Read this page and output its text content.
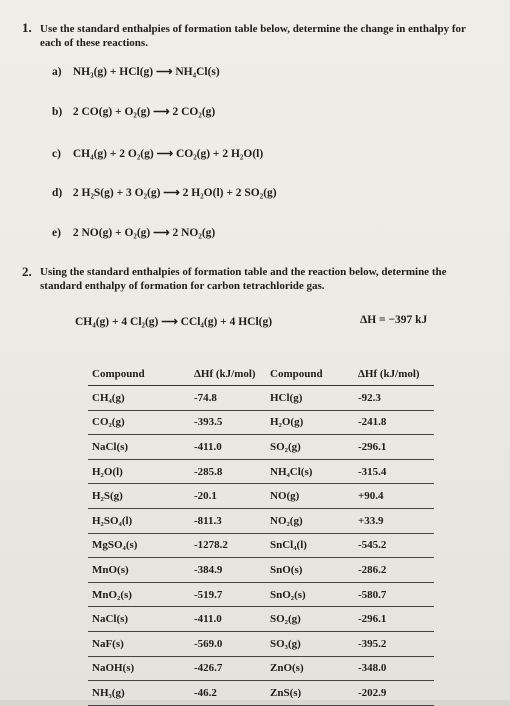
1. Use the standard enthalpies of formation table below, determine the change in enthalpy for
each of these reactions.
a) NH₃(g) + HCl(g) ⟶ NH₄Cl(s)
b) 2 CO(g) + O₂(g) ⟶ 2 CO₂(g)
c) CH₄(g) + 2 O₂(g) ⟶ CO₂(g) + 2 H₂O(l)
d) 2 H₂S(g) + 3 O₂(g) ⟶ 2 H₂O(l) + 2 SO₂(g)
e) 2 NO(g) + O₂(g) ⟶ 2 NO₂(g)
2. Using the standard enthalpies of formation table and the reaction below, determine the
standard enthalpy of formation for carbon tetrachloride gas.
CH₄(g) + 4 Cl₂(g) ⟶ CCl₄(g) + 4 HCl(g)	ΔH = −397 kJ
Compound	ΔHf (kJ/mol)	Compound	ΔHf (kJ/mol)
CH₄(g)	-74.8	HCl(g)	-92.3
CO₂(g)	-393.5	H₂O(g)	-241.8
NaCl(s)	-411.0	SO₂(g)	-296.1
H₂O(l)	-285.8	NH₄Cl(s)	-315.4
H₂S(g)	-20.1	NO(g)	+90.4
H₂SO₄(l)	-811.3	NO₂(g)	+33.9
MgSO₄(s)	-1278.2	SnCl₄(l)	-545.2
MnO(s)	-384.9	SnO(s)	-286.2
MnO₂(s)	-519.7	SnO₂(s)	-580.7
NaCl(s)	-411.0	SO₂(g)	-296.1
NaF(s)	-569.0	SO₃(g)	-395.2
NaOH(s)	-426.7	ZnO(s)	-348.0
NH₃(g)	-46.2	ZnS(s)	-202.9
